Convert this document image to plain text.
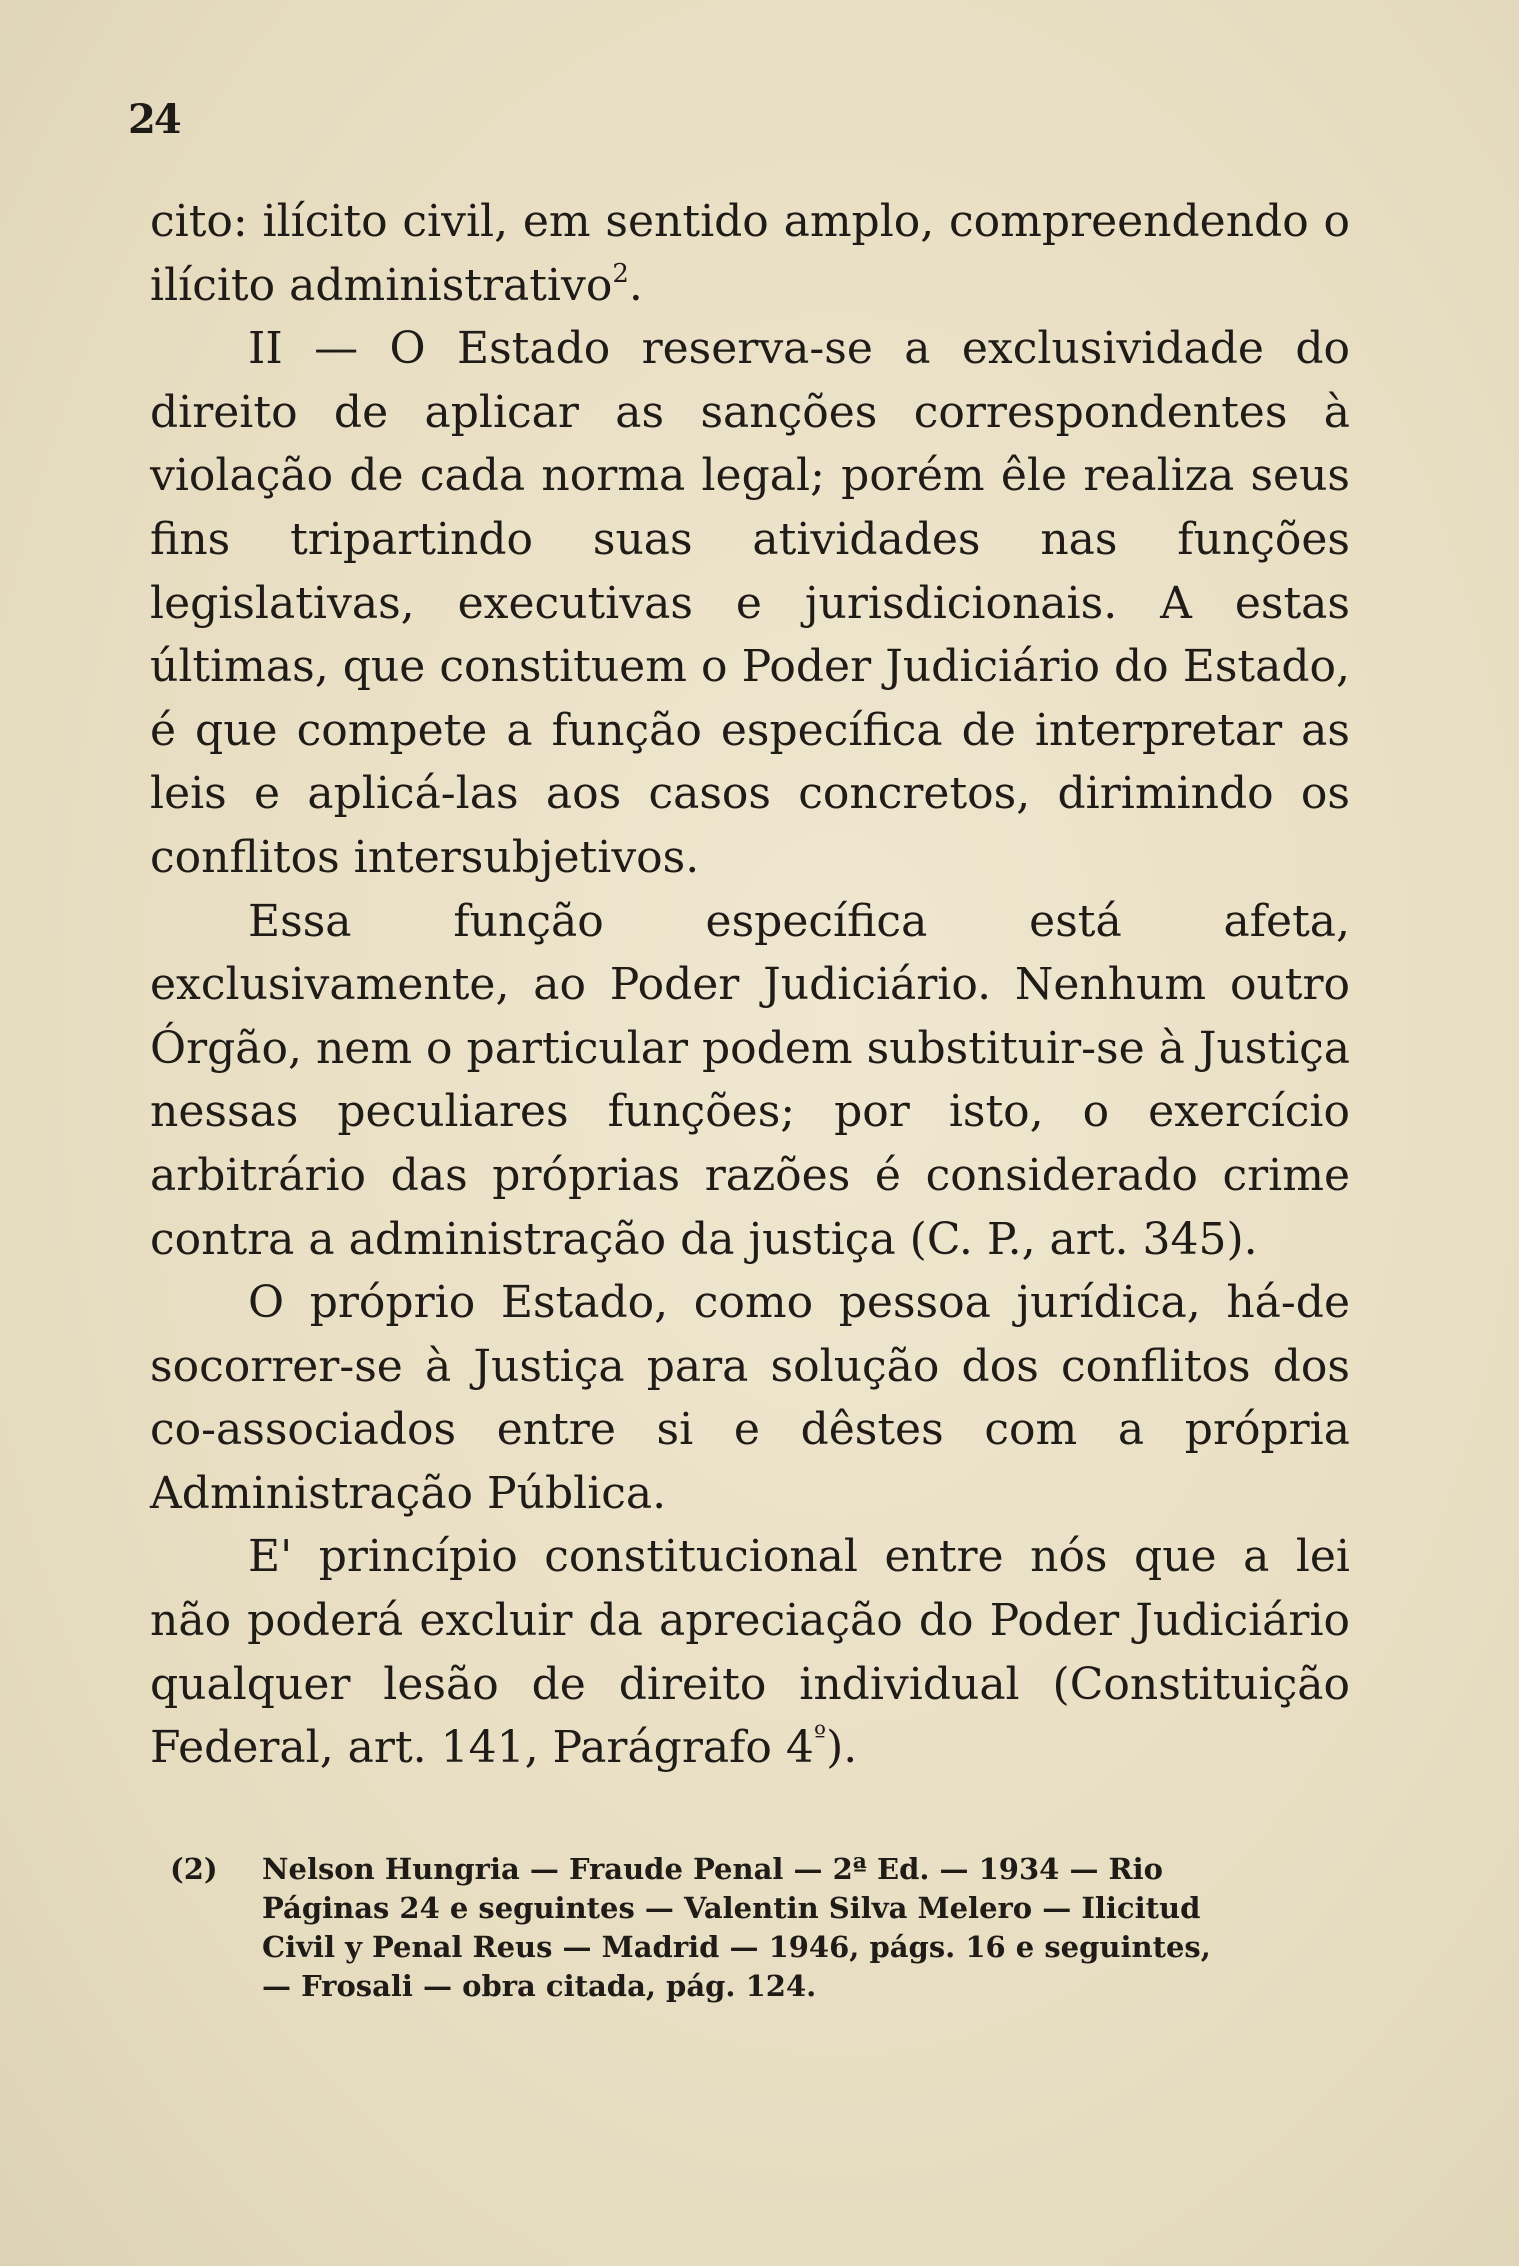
24

cito: ilícito civil, em sentido amplo, compreendendo o ilícito administrativo$^2$.

II — O Estado reserva-se a exclusividade do direito de aplicar as sanções correspondentes à violação de cada norma legal; porém êle realiza seus fins tripartindo suas atividades nas funções legislativas, executivas e jurisdicionais. A estas últimas, que constituem o Poder Judiciário do Estado, é que compete a função específica de interpretar as leis e aplicá-las aos casos concretos, dirimindo os conflitos intersubjetivos.

Essa função específica está afeta, exclusivamente, ao Poder Judiciário. Nenhum outro Órgão, nem o particular podem substituir-se à Justiça nessas peculiares funções; por isto, o exercício arbitrário das próprias razões é considerado crime contra a administração da justiça (C. P., art. 345).

O próprio Estado, como pessoa jurídica, há-de socorrer-se à Justiça para solução dos conflitos dos co-associados entre si e dêstes com a própria Administração Pública.

E' princípio constitucional entre nós que a lei não poderá excluir da apreciação do Poder Judiciário qualquer lesão de direito individual (Constituição Federal, art. 141, Parágrafo $4^º$).

(2)	Nelson Hungria — Fraude Penal — 2ª Ed. — 1934 — Rio
Páginas 24 e seguintes — Valentin Silva Melero — Ilicitud
Civil y Penal Reus — Madrid — 1946, págs. 16 e seguintes,
— Frosali — obra citada, pág. 124.
